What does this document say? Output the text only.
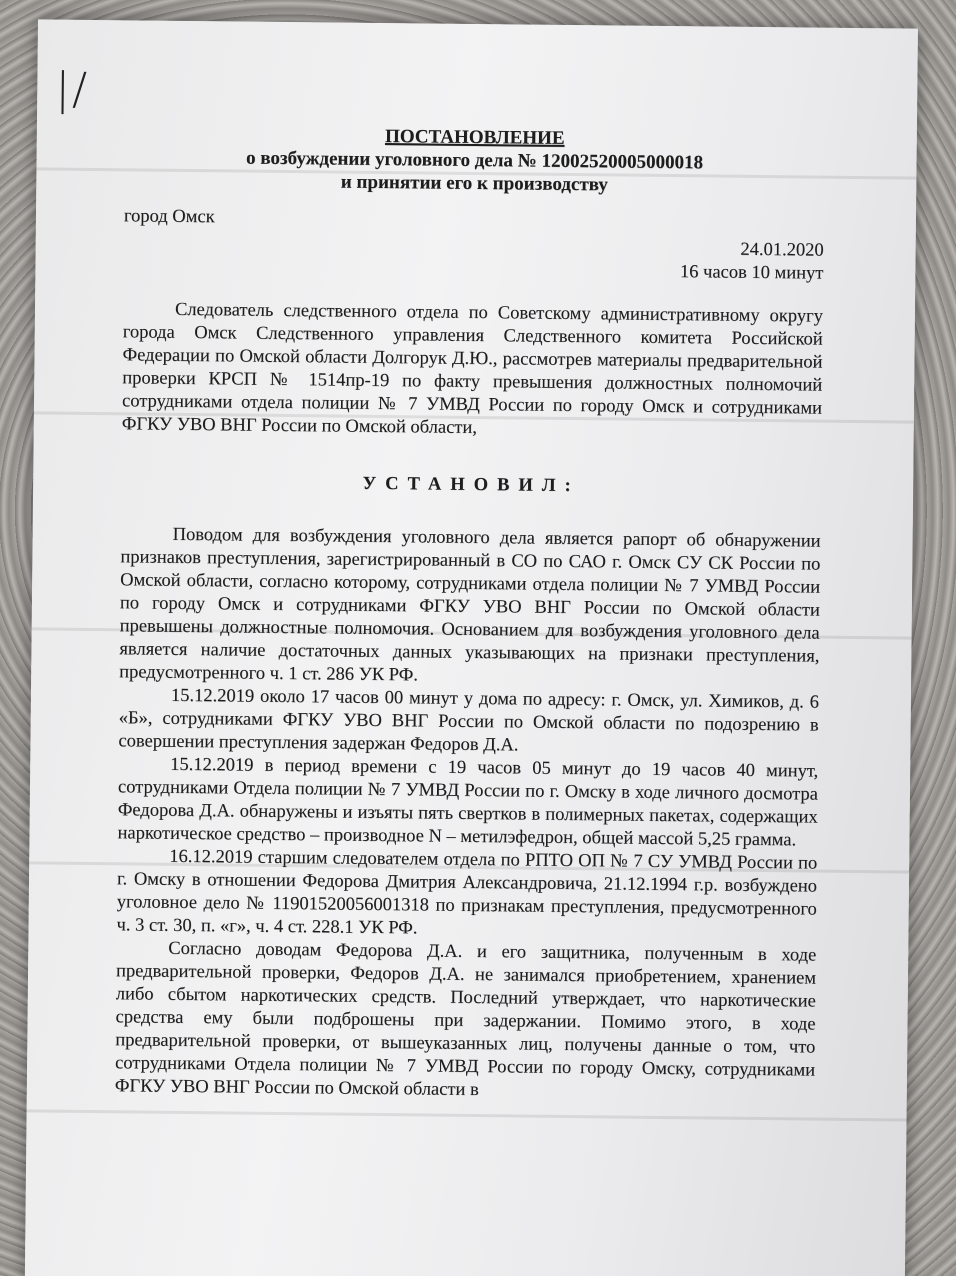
|/
ПОСТАНОВЛЕНИЕ
о возбуждении уголовного дела № 12002520005000018
и принятии его к производству
город Омск
24.01.2020
16 часов 10 минут

Следователь следственного отдела по Советскому административному округу города Омск Следственного управления Следственного комитета Российской Федерации по Омской области Долгорук Д.Ю., рассмотрев материалы предварительной проверки КРСП № 1514пр-19 по факту превышения должностных полномочий сотрудниками отдела полиции № 7 УМВД России по городу Омск и сотрудниками ФГКУ УВО ВНГ России по Омской области,

УСТАНОВИЛ:

Поводом для возбуждения уголовного дела является рапорт об обнаружении признаков преступления, зарегистрированный в СО по САО г. Омск СУ СК России по Омской области, согласно которому, сотрудниками отдела полиции № 7 УМВД России по городу Омск и сотрудниками ФГКУ УВО ВНГ России по Омской области превышены должностные полномочия. Основанием для возбуждения уголовного дела является наличие достаточных данных указывающих на признаки преступления, предусмотренного ч. 1 ст. 286 УК РФ.

15.12.2019 около 17 часов 00 минут у дома по адресу: г. Омск, ул. Химиков, д. 6 «Б», сотрудниками ФГКУ УВО ВНГ России по Омской области по подозрению в совершении преступления задержан Федоров Д.А.

15.12.2019 в период времени с 19 часов 05 минут до 19 часов 40 минут, сотрудниками Отдела полиции № 7 УМВД России по г. Омску в ходе личного досмотра Федорова Д.А. обнаружены и изъяты пять свертков в полимерных пакетах, содержащих наркотическое средство – производное N – метилэфедрон, общей массой 5,25 грамма.

16.12.2019 старшим следователем отдела по РПТО ОП № 7 СУ УМВД России по г. Омску в отношении Федорова Дмитрия Александровича, 21.12.1994 г.р. возбуждено уголовное дело № 11901520056001318 по признакам преступления, предусмотренного ч. 3 ст. 30, п. «г», ч. 4 ст. 228.1 УК РФ.

Согласно доводам Федорова Д.А. и его защитника, полученным в ходе предварительной проверки, Федоров Д.А. не занимался приобретением, хранением либо сбытом наркотических средств. Последний утверждает, что наркотические средства ему были подброшены при задержании. Помимо этого, в ходе предварительной проверки, от вышеуказанных лиц, получены данные о том, что сотрудниками Отдела полиции № 7 УМВД России по городу Омску, сотрудниками ФГКУ УВО ВНГ России по Омской области в
